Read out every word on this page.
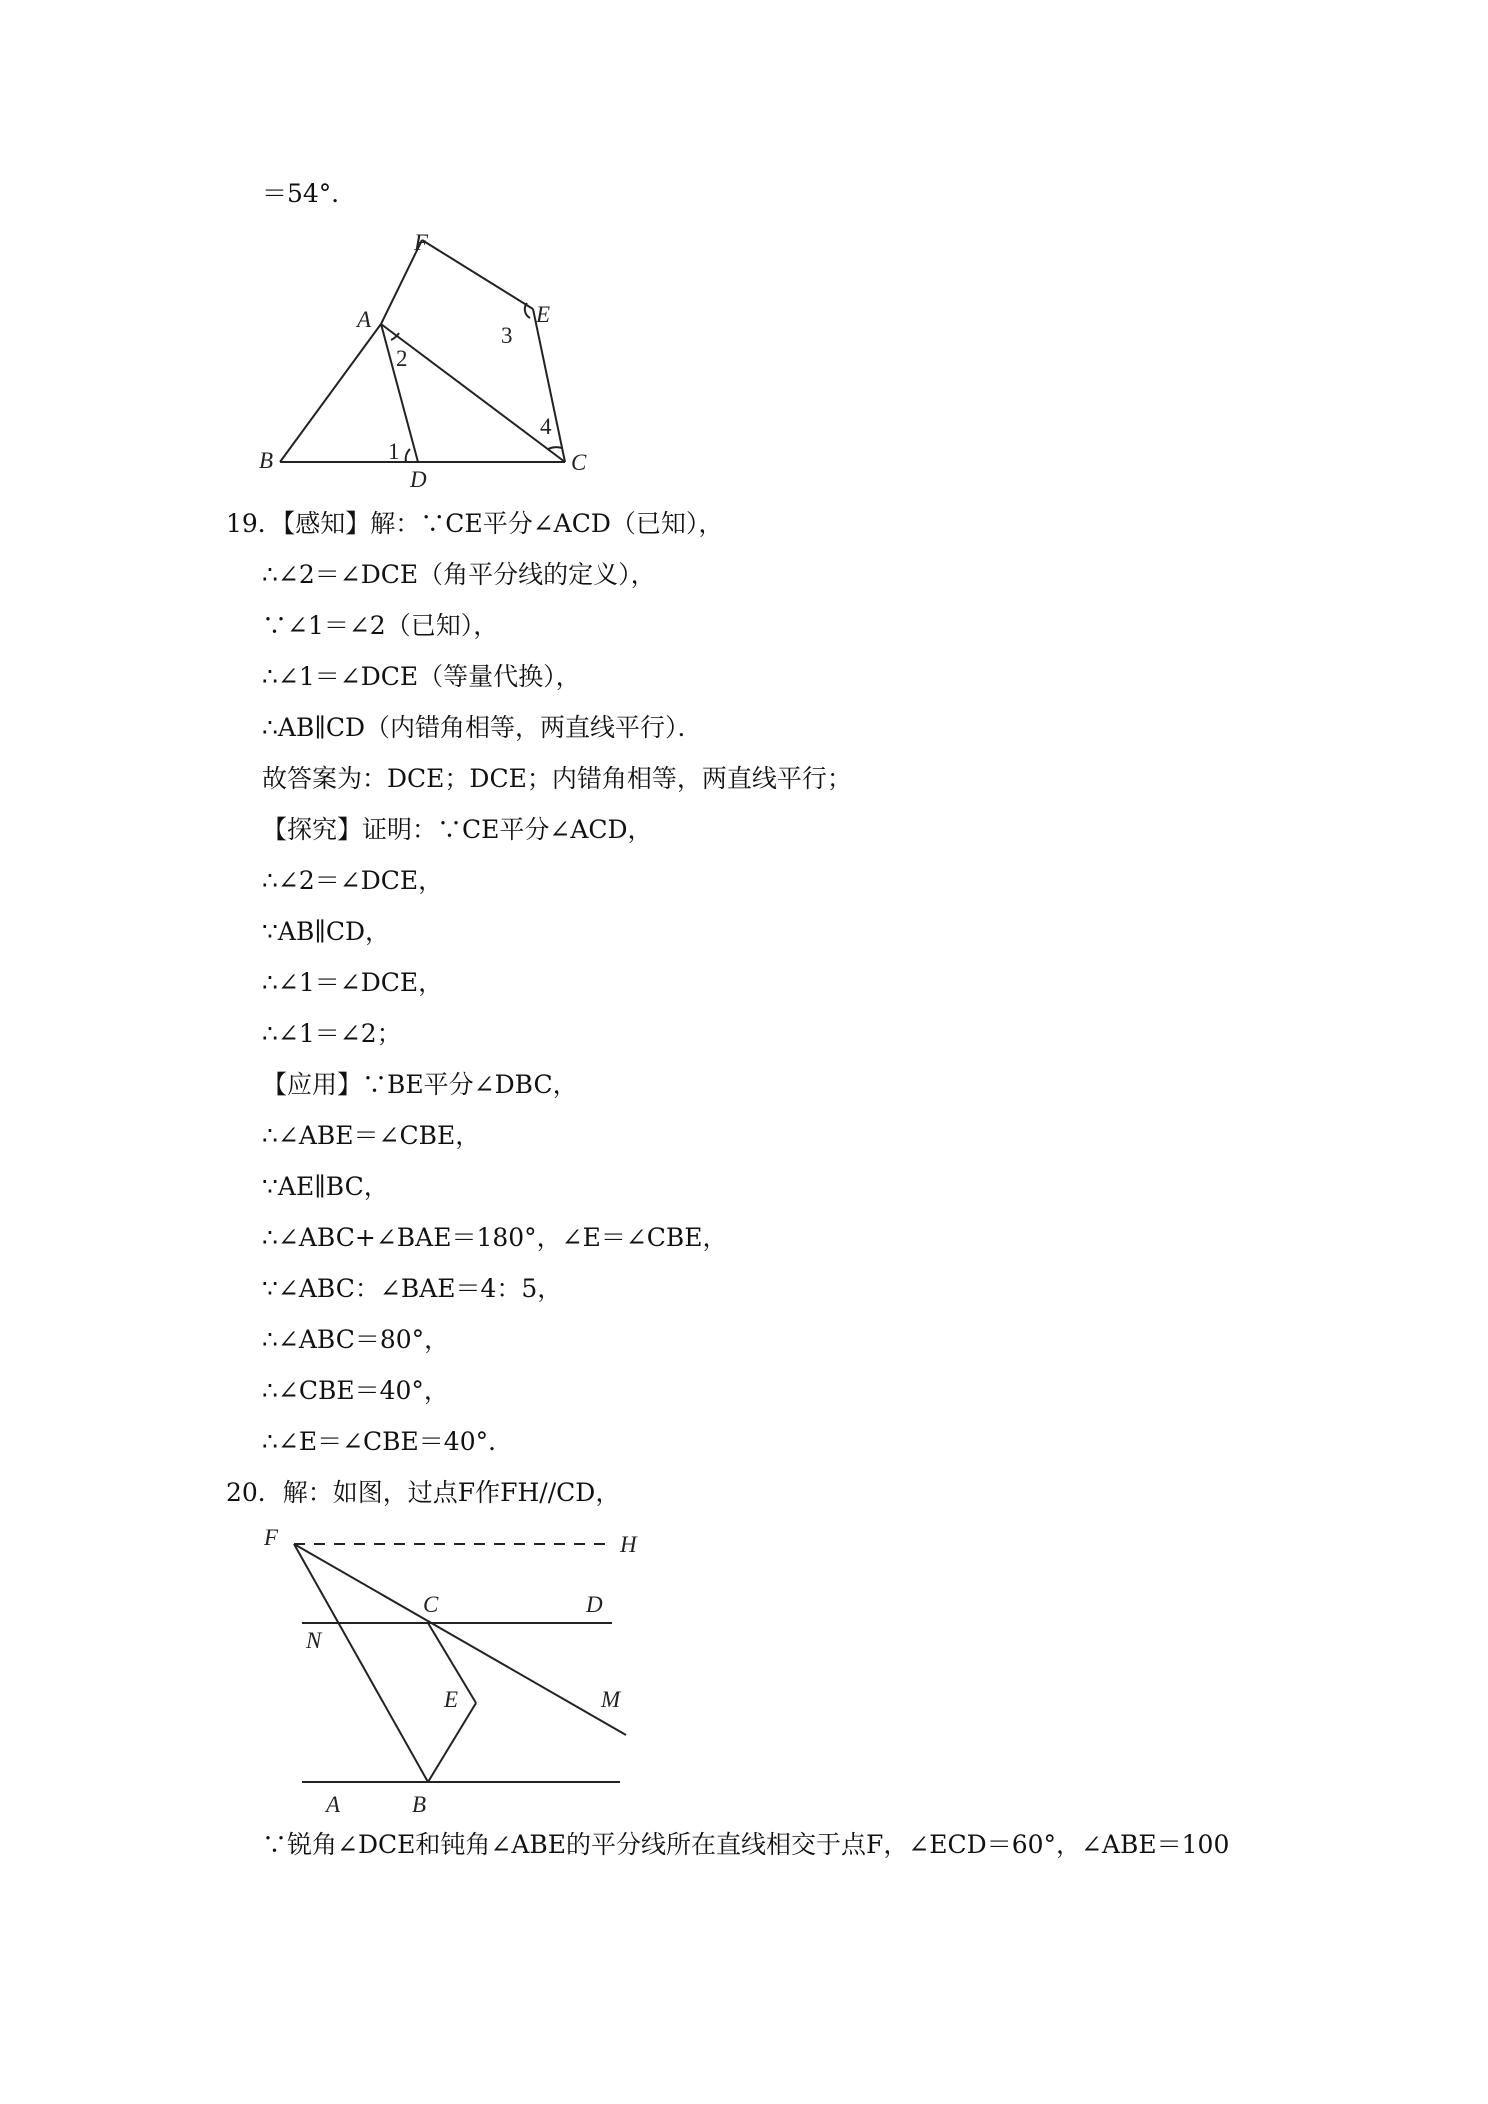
＝54°．
F
A	E
B
D
C
1
2
3
4
19．【感知】解：∵CE平分∠ACD（已知），
∴∠2＝∠DCE（角平分线的定义），
∵∠1＝∠2（已知），
∴∠1＝∠DCE（等量代换），
∴AB∥CD（内错角相等，两直线平行）．
故答案为：DCE；DCE；内错角相等，两直线平行；
【探究】证明：∵CE平分∠ACD，
∴∠2＝∠DCE，
∵AB∥CD，
∴∠1＝∠DCE，
∴∠1＝∠2；
【应用】∵BE平分∠DBC，
∴∠ABE＝∠CBE，
∵AE∥BC，
∴∠ABC+∠BAE＝180°，∠E＝∠CBE，
∵∠ABC：∠BAE＝4：5，
∴∠ABC＝80°，
∴∠CBE＝40°，
∴∠E＝∠CBE＝40°．
20．解：如图，过点F作FH//CD，
F	H
C	D
N
E	M
A	B
∵锐角∠DCE和钝角∠ABE的平分线所在直线相交于点F，∠ECD＝60°，∠ABE＝100
